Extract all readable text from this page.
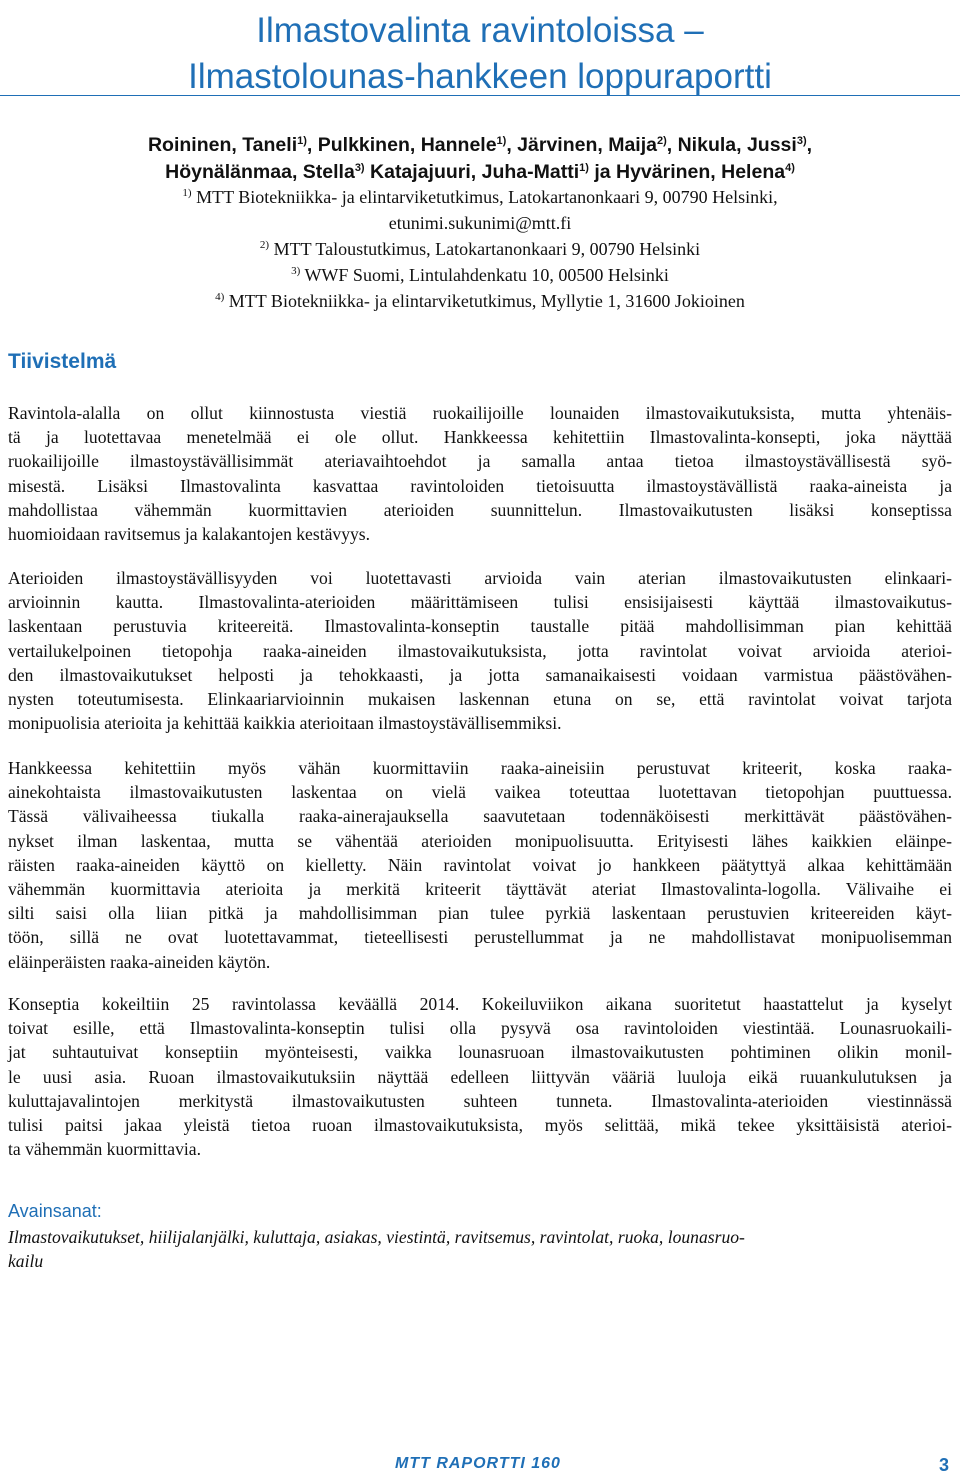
Ilmastovalinta ravintoloissa –
Ilmastolounas-hankkeen loppuraportti
Roininen, Taneli$^{1)}$, Pulkkinen, Hannele$^{1)}$, Järvinen, Maija$^{2)}$, Nikula, Jussi$^{3)}$,
Höynälänmaa, Stella$^{3)}$ Katajajuuri, Juha-Matti$^{1)}$ ja Hyvärinen, Helena$^{4)}$
$^{1)}$ MTT Biotekniikka- ja elintarviketutkimus, Latokartanonkaari 9, 00790 Helsinki,
etunimi.sukunimi@mtt.fi
$^{2)}$ MTT Taloustutkimus, Latokartanonkaari 9, 00790 Helsinki
$^{3)}$ WWF Suomi, Lintulahdenkatu 10, 00500 Helsinki
$^{4)}$ MTT Biotekniikka- ja elintarviketutkimus, Myllytie 1, 31600 Jokioinen
Tiivistelmä
Ravintola-alalla on ollut kiinnostusta viestiä ruokailijoille lounaiden ilmastovaikutuksista, mutta yhtenäis-
tä ja luotettavaa menetelmää ei ole ollut. Hankkeessa kehitettiin Ilmastovalinta-konsepti, joka näyttää
ruokailijoille ilmastoystävällisimmät ateriavaihtoehdot ja samalla antaa tietoa ilmastoystävällisestä syö-
misestä. Lisäksi Ilmastovalinta kasvattaa ravintoloiden tietoisuutta ilmastoystävällistä raaka-aineista ja
mahdollistaa vähemmän kuormittavien aterioiden suunnittelun. Ilmastovaikutusten lisäksi konseptissa
huomioidaan ravitsemus ja kalakantojen kestävyys.
Aterioiden ilmastoystävällisyyden voi luotettavasti arvioida vain aterian ilmastovaikutusten elinkaari-
arvioinnin kautta. Ilmastovalinta-aterioiden määrittämiseen tulisi ensisijaisesti käyttää ilmastovaikutus-
laskentaan perustuvia kriteereitä. Ilmastovalinta-konseptin taustalle pitää mahdollisimman pian kehittää
vertailukelpoinen tietopohja raaka-aineiden ilmastovaikutuksista, jotta ravintolat voivat arvioida aterioi-
den ilmastovaikutukset helposti ja tehokkaasti, ja jotta samanaikaisesti voidaan varmistua päästövähen-
nysten toteutumisesta. Elinkaariarvioinnin mukaisen laskennan etuna on se, että ravintolat voivat tarjota
monipuolisia aterioita ja kehittää kaikkia aterioitaan ilmastoystävällisemmiksi.
Hankkeessa kehitettiin myös vähän kuormittaviin raaka-aineisiin perustuvat kriteerit, koska raaka-
ainekohtaista ilmastovaikutusten laskentaa on vielä vaikea toteuttaa luotettavan tietopohjan puuttuessa.
Tässä välivaiheessa tiukalla raaka-ainerajauksella saavutetaan todennäköisesti merkittävät päästövähen-
nykset ilman laskentaa, mutta se vähentää aterioiden monipuolisuutta. Erityisesti lähes kaikkien eläinpe-
räisten raaka-aineiden käyttö on kielletty. Näin ravintolat voivat jo hankkeen päätyttyä alkaa kehittämään
vähemmän kuormittavia aterioita ja merkitä kriteerit täyttävät ateriat Ilmastovalinta-logolla. Välivaihe ei
silti saisi olla liian pitkä ja mahdollisimman pian tulee pyrkiä laskentaan perustuvien kriteereiden käyt-
töön, sillä ne ovat luotettavammat, tieteellisesti perustellummat ja ne mahdollistavat monipuolisemman
eläinperäisten raaka-aineiden käytön.
Konseptia kokeiltiin 25 ravintolassa keväällä 2014. Kokeiluviikon aikana suoritetut haastattelut ja kyselyt
toivat esille, että Ilmastovalinta-konseptin tulisi olla pysyvä osa ravintoloiden viestintää. Lounasruokaili-
jat suhtautuivat konseptiin myönteisesti, vaikka lounasruoan ilmastovaikutusten pohtiminen olikin monil-
le uusi asia. Ruoan ilmastovaikutuksiin näyttää edelleen liittyvän vääriä luuloja eikä ruuankulutuksen ja
kuluttajavalintojen merkitystä ilmastovaikutusten suhteen tunneta. Ilmastovalinta-aterioiden viestinnässä
tulisi paitsi jakaa yleistä tietoa ruoan ilmastovaikutuksista, myös selittää, mikä tekee yksittäisistä aterioi-
ta vähemmän kuormittavia.
Avainsanat:
Ilmastovaikutukset, hiilijalanjälki, kuluttaja, asiakas, viestintä, ravitsemus, ravintolat, ruoka, lounasruo-
kailu
MTT RAPORTTI 160	3
